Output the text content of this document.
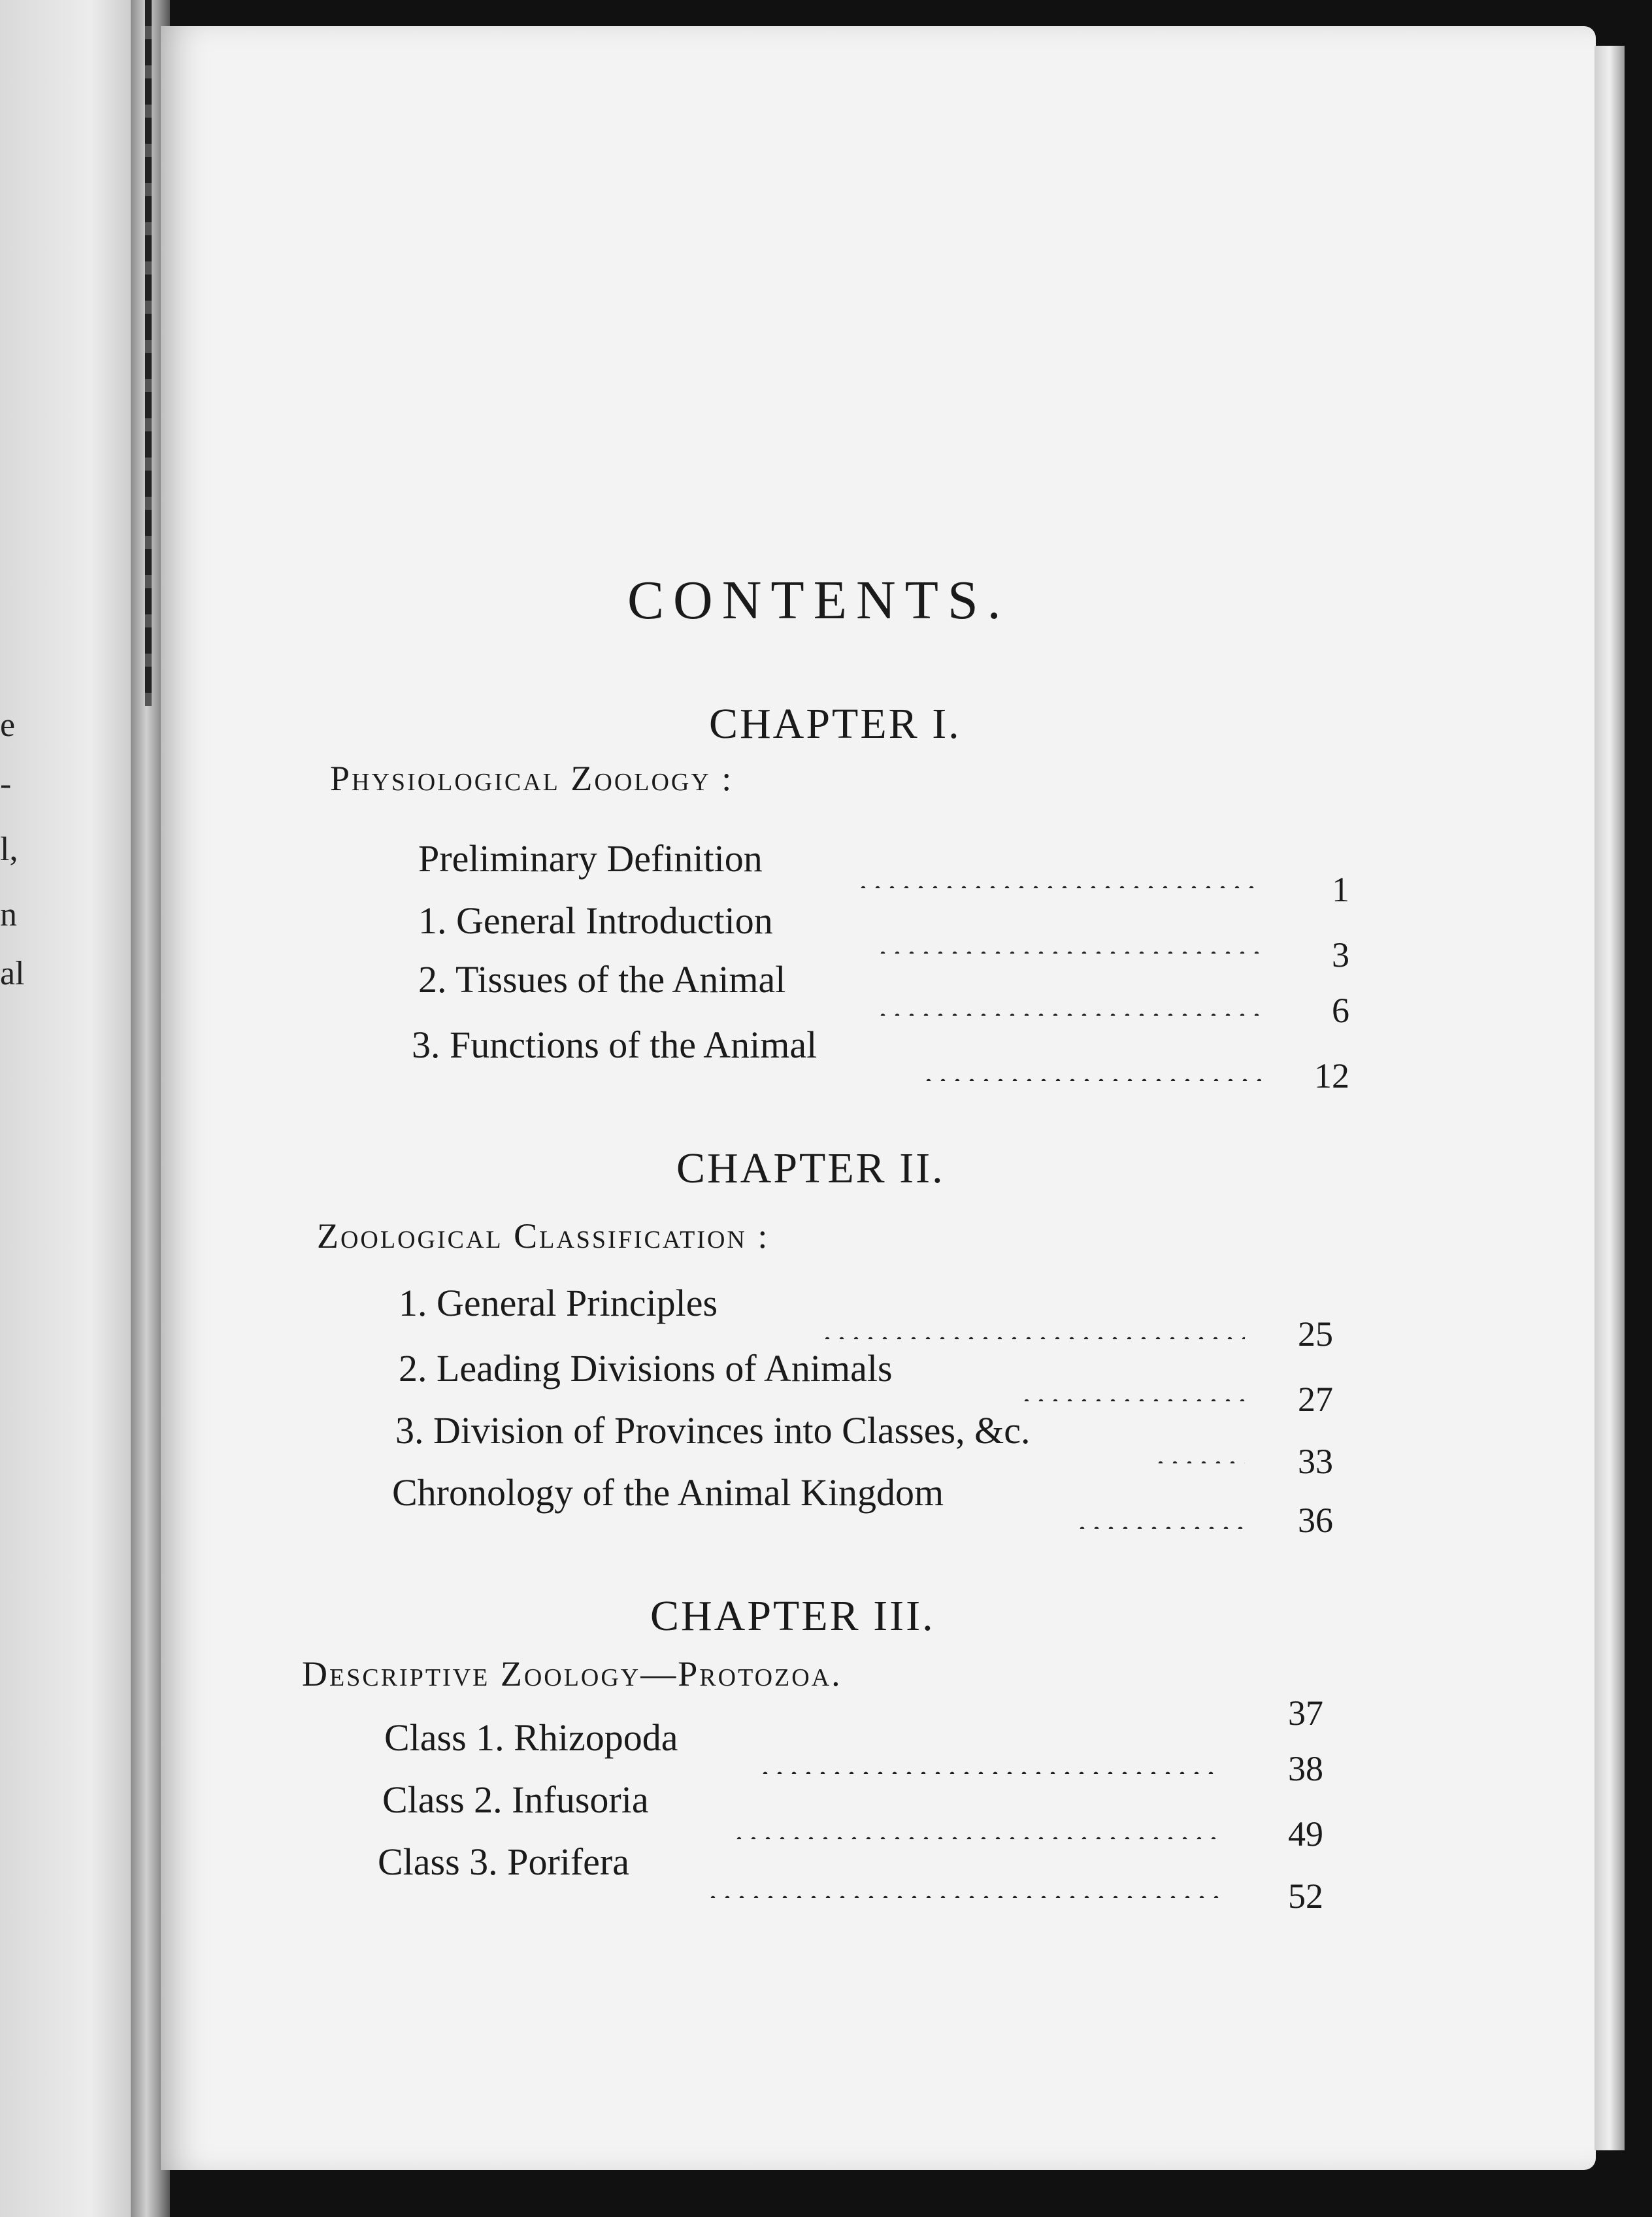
e
-
l,
n
al
CONTENTS.
CHAPTER I.
Physiological Zoology :
Preliminary Definition
1
1. General Introduction
3
2. Tissues of the Animal
6
3. Functions of the Animal
12
CHAPTER II.
Zoological Classification :
1. General Principles
25
2. Leading Divisions of Animals
27
3. Division of Provinces into Classes, &c.
33
Chronology of the Animal Kingdom
36
CHAPTER III.
Descriptive Zoology—Protozoa.
37
Class 1. Rhizopoda
38
Class 2. Infusoria
49
Class 3. Porifera
52
